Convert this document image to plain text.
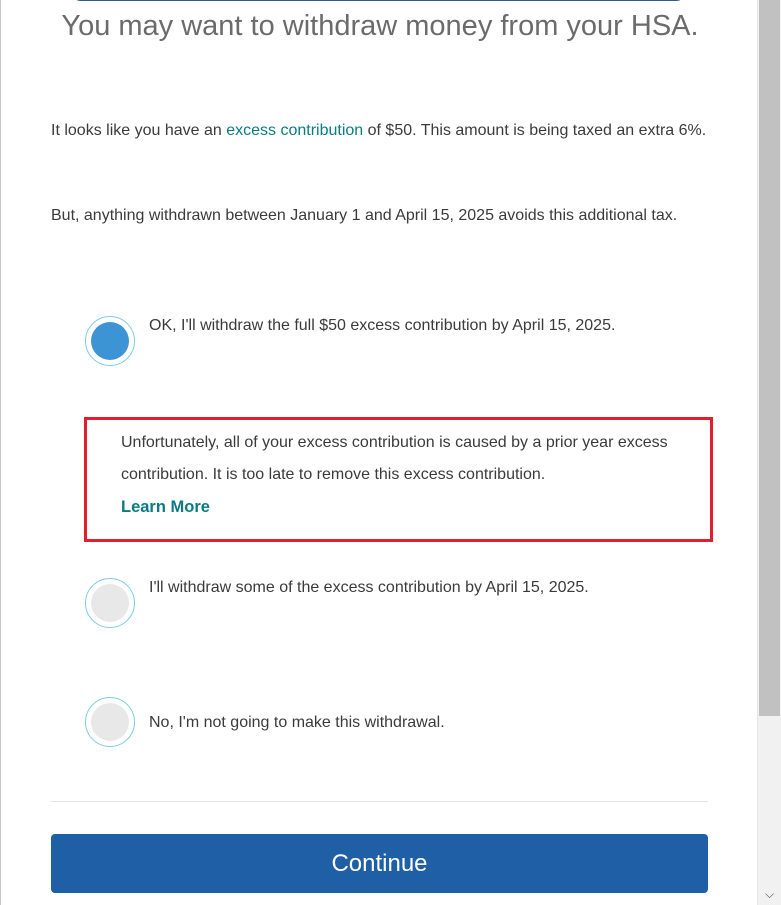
You may want to withdraw money from your HSA.

It looks like you have an excess contribution of $50. This amount is being taxed an extra 6%.

But, anything withdrawn between January 1 and April 15, 2025 avoids this additional tax.

OK, I'll withdraw the full $50 excess contribution by April 15, 2025.

Unfortunately, all of your excess contribution is caused by a prior year excess contribution. It is too late to remove this excess contribution.

Learn More

I'll withdraw some of the excess contribution by April 15, 2025.

No, I'm not going to make this withdrawal.

Continue
⌵
